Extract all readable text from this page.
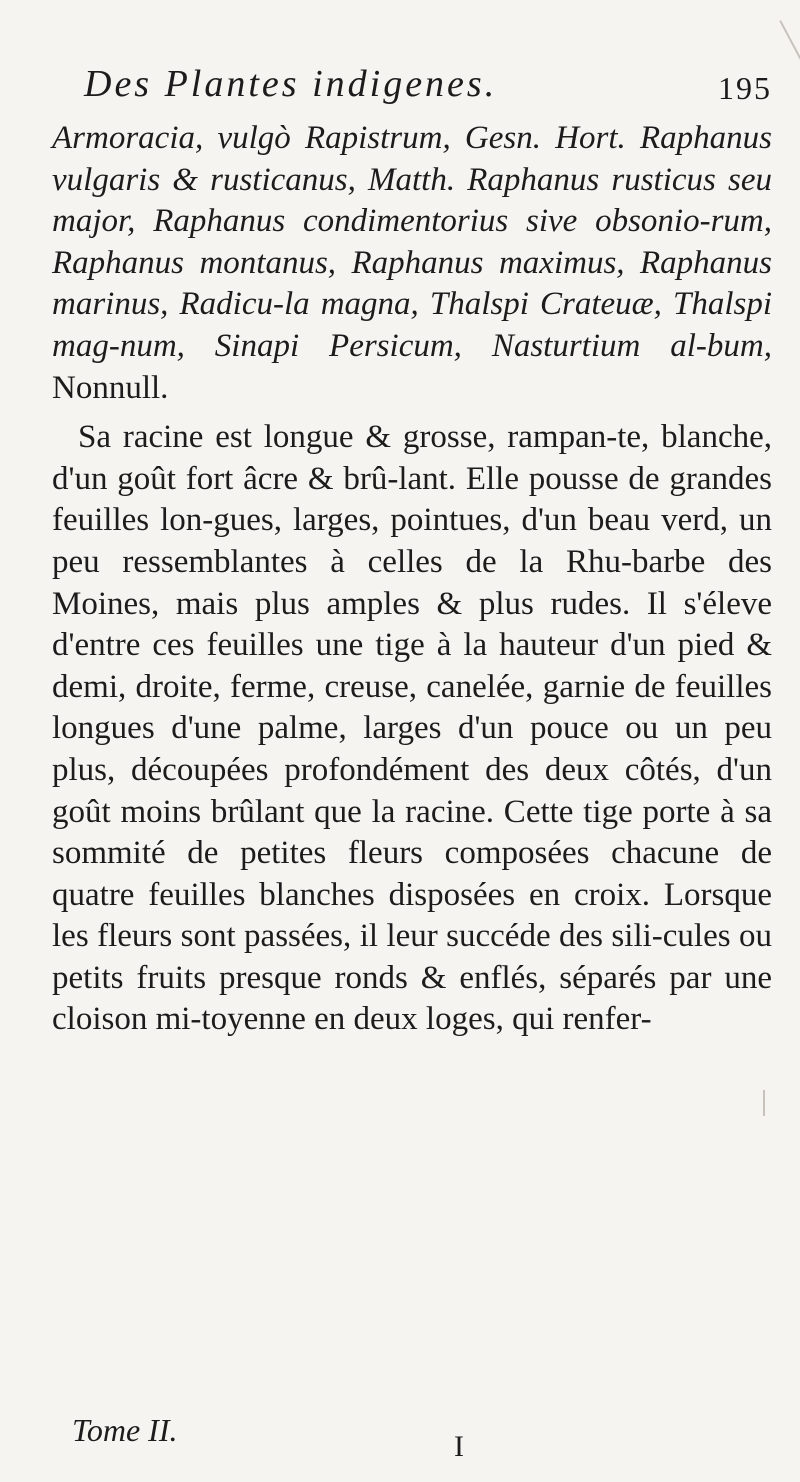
Des Plantes indigenes.	195

Armoracia, vulgò Rapistrum, Gesn. Hort. Raphanus vulgaris & rusticanus, Matth. Raphanus rusticus seu major, Raphanus condimentorius sive obsonio-rum, Raphanus montanus, Raphanus maximus, Raphanus marinus, Radicu-la magna, Thalspi Crateuæ, Thalspi mag-num, Sinapi Persicum, Nasturtium al-bum, Nonnull.

Sa racine est longue & grosse, rampan-te, blanche, d'un goût fort âcre & brû-lant. Elle pousse de grandes feuilles lon-gues, larges, pointues, d'un beau verd, un peu ressemblantes à celles de la Rhu-barbe des Moines, mais plus amples & plus rudes. Il s'éleve d'entre ces feuilles une tige à la hauteur d'un pied & demi, droite, ferme, creuse, canelée, garnie de feuilles longues d'une palme, larges d'un pouce ou un peu plus, découpées profondément des deux côtés, d'un goût moins brûlant que la racine. Cette tige porte à sa sommité de petites fleurs composées chacune de quatre feuilles blanches disposées en croix. Lorsque les fleurs sont passées, il leur succéde des sili-cules ou petits fruits presque ronds & enflés, séparés par une cloison mi-toyenne en deux loges, qui renfer-

Tome II.	I
